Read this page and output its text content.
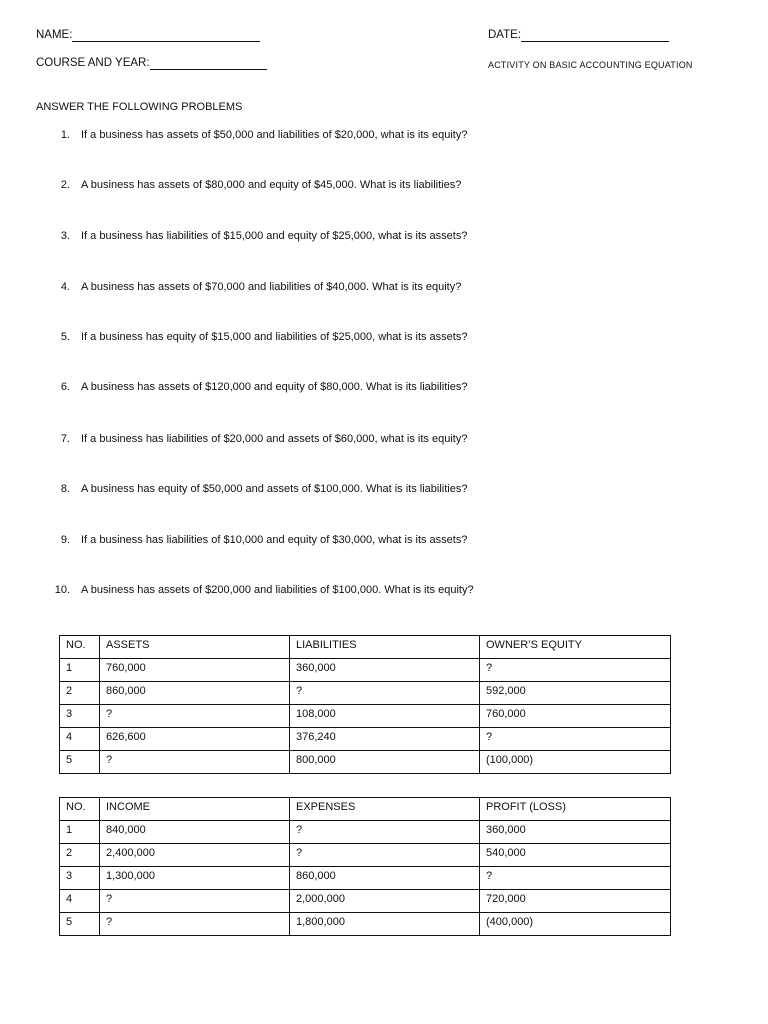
NAME:	DATE:
COURSE AND YEAR:	ACTIVITY ON BASIC ACCOUNTING EQUATION
ANSWER THE FOLLOWING PROBLEMS
1. If a business has assets of $50,000 and liabilities of $20,000, what is its equity?
2. A business has assets of $80,000 and equity of $45,000. What is its liabilities?
3. If a business has liabilities of $15,000 and equity of $25,000, what is its assets?
4. A business has assets of $70,000 and liabilities of $40,000. What is its equity?
5. If a business has equity of $15,000 and liabilities of $25,000, what is its assets?
6. A business has assets of $120,000 and equity of $80,000. What is its liabilities?
7. If a business has liabilities of $20,000 and assets of $60,000, what is its equity?
8. A business has equity of $50,000 and assets of $100,000. What is its liabilities?
9. If a business has liabilities of $10,000 and equity of $30,000, what is its assets?
10. A business has assets of $200,000 and liabilities of $100,000. What is its equity?
NO.	ASSETS	LIABILITIES	OWNER’S EQUITY
1	760,000	360,000	?
2	860,000	?	592,000
3	?	108,000	760,000
4	626,600	376,240	?
5	?	800,000	(100,000)
NO.	INCOME	EXPENSES	PROFIT (LOSS)
1	840,000	?	360,000
2	2,400,000	?	540,000
3	1,300,000	860,000	?
4	?	2,000,000	720,000
5	?	1,800,000	(400,000)
